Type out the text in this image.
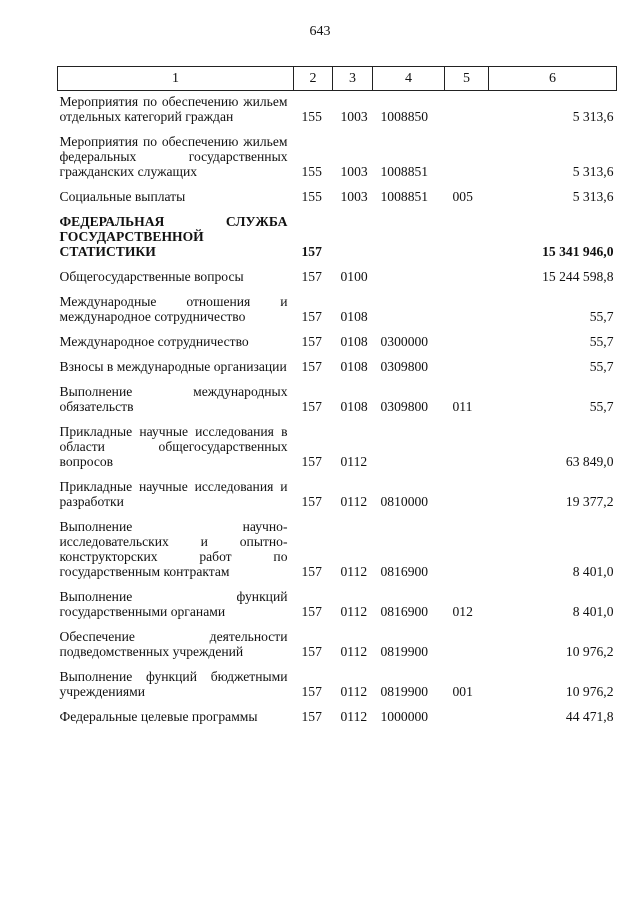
643
1	2	3	4	5	6
Мероприятия по обеспечению жильем отдельных категорий граждан	155	1003	1008850		5 313,6
Мероприятия по обеспечению жильем федеральных государственных гражданских служащих	155	1003	1008851		5 313,6
Социальные выплаты	155	1003	1008851	005	5 313,6
ФЕДЕРАЛЬНАЯ СЛУЖБА ГОСУДАРСТВЕННОЙ СТАТИСТИКИ	157				15 341 946,0
Общегосударственные вопросы	157	0100			15 244 598,8
Международные отношения и международное сотрудничество	157	0108			55,7
Международное сотрудничество	157	0108	0300000		55,7
Взносы в международные организации	157	0108	0309800		55,7
Выполнение международных обязательств	157	0108	0309800	011	55,7
Прикладные научные исследования в области общегосударственных вопросов	157	0112			63 849,0
Прикладные научные исследования и разработки	157	0112	0810000		19 377,2
Выполнение научно-исследовательских и опытно-конструкторских работ по государственным контрактам	157	0112	0816900		8 401,0
Выполнение функций государственными органами	157	0112	0816900	012	8 401,0
Обеспечение деятельности подведомственных учреждений	157	0112	0819900		10 976,2
Выполнение функций бюджетными учреждениями	157	0112	0819900	001	10 976,2
Федеральные целевые программы	157	0112	1000000		44 471,8
